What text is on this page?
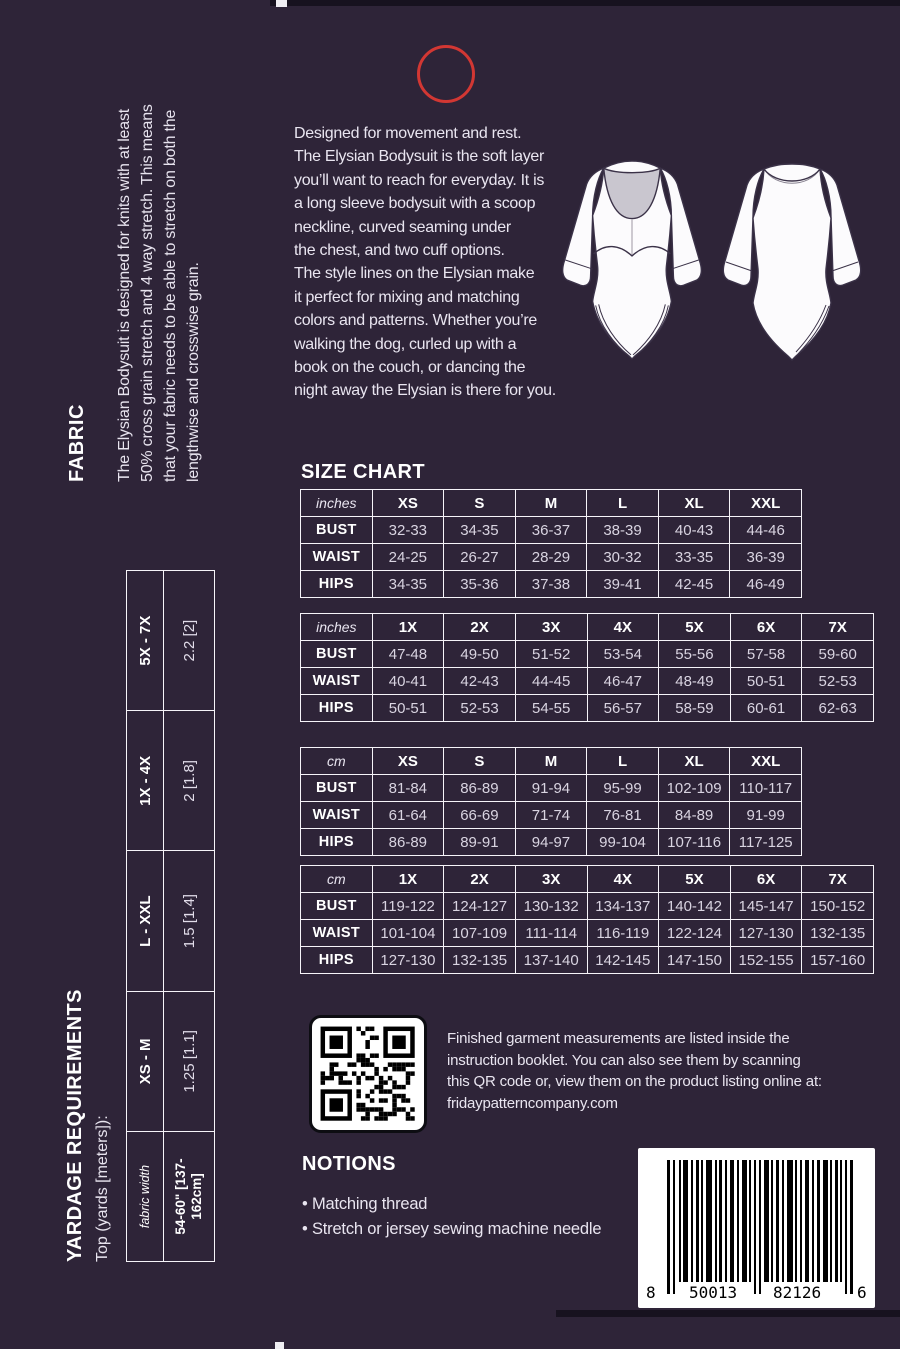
FABRIC The Elysian Bodysuit is designed for knits with at least
50% cross grain stretch and 4 way stretch. This means
that your fabric needs to be able to stretch on both the
lengthwise and crosswise grain.

YARDAGE REQUIREMENTS Top (yards [meters]): fabric width	XS - M	L - XXL	1X - 4X	5X - 7X
54-60" [137-162cm]	1.25 [1.1]	1.5 [1.4]	2 [1.8]	2.2 [2]
Designed for movement and rest.
The Elysian Bodysuit is the soft layer
you’ll want to reach for everyday. It is
a long sleeve bodysuit with a scoop
neckline, curved seaming under
the chest, and two cuff options.
The style lines on the Elysian make
it perfect for mixing and matching
colors and patterns. Whether you’re
walking the dog, curled up with a
book on the couch, or dancing the
night away the Elysian is there for you.
SIZE CHART
inches	XS	S	M	L	XL	XXL
BUST	32-33	34-35	36-37	38-39	40-43	44-46
WAIST	24-25	26-27	28-29	30-32	33-35	36-39
HIPS	34-35	35-36	37-38	39-41	42-45	46-49
inches	1X	2X	3X	4X	5X	6X	7X
BUST	47-48	49-50	51-52	53-54	55-56	57-58	59-60
WAIST	40-41	42-43	44-45	46-47	48-49	50-51	52-53
HIPS	50-51	52-53	54-55	56-57	58-59	60-61	62-63
cm	XS	S	M	L	XL	XXL
BUST	81-84	86-89	91-94	95-99	102-109	110-117
WAIST	61-64	66-69	71-74	76-81	84-89	91-99
HIPS	86-89	89-91	94-97	99-104	107-116	117-125
cm	1X	2X	3X	4X	5X	6X	7X
BUST	119-122	124-127	130-132	134-137	140-142	145-147	150-152
WAIST	101-104	107-109	111-114	116-119	122-124	127-130	132-135
HIPS	127-130	132-135	137-140	142-145	147-150	152-155	157-160
Finished garment measurements are listed inside the
instruction booklet. You can also see them by scanning
this QR code or, view them on the product listing online at:
fridaypatterncompany.com
NOTIONS
• Matching thread
• Stretch or jersey sewing machine needle
8 50013 82126 6
